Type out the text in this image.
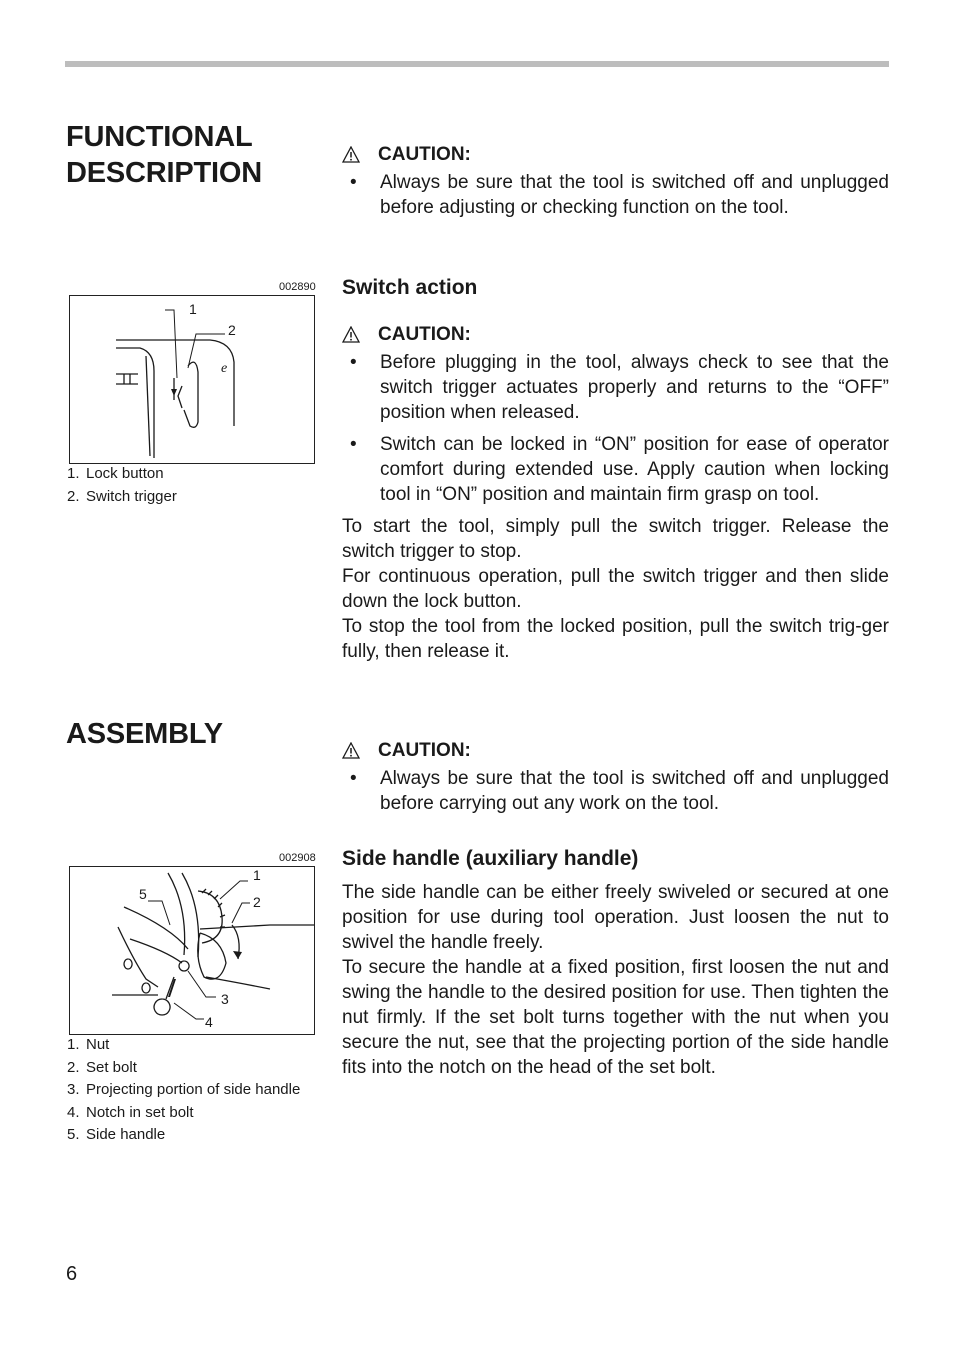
FUNCTIONAL DESCRIPTION
CAUTION:
• Always be sure that the tool is switched off and unplugged before adjusting or checking function on the tool.
002890
e
1
2
1. Lock button
2. Switch trigger
Switch action
CAUTION:
• Before plugging in the tool, always check to see that the switch trigger actuates properly and returns to the “OFF” position when released.
• Switch can be locked in “ON” position for ease of operator comfort during extended use. Apply caution when locking tool in “ON” position and maintain firm grasp on tool.

To start the tool, simply pull the switch trigger. Release the switch trigger to stop.

For continuous operation, pull the switch trigger and then slide down the lock button.

To stop the tool from the locked position, pull the switch trig-ger fully, then release it.

ASSEMBLY
CAUTION:
• Always be sure that the tool is switched off and unplugged before carrying out any work on the tool.
Side handle (auxiliary handle)

The side handle can be either freely swiveled or secured at one position for use during tool operation. Just loosen the nut to swivel the handle freely.

To secure the handle at a fixed position, first loosen the nut and swing the handle to the desired position for use. Then tighten the nut firmly. If the set bolt turns together with the nut when you secure the nut, see that the projecting portion of the side handle fits into the notch on the head of the set bolt.

002908
1
2
3
4
5
1. Nut
2. Set bolt
3. Projecting portion of side handle
4. Notch in set bolt
5. Side handle
6
